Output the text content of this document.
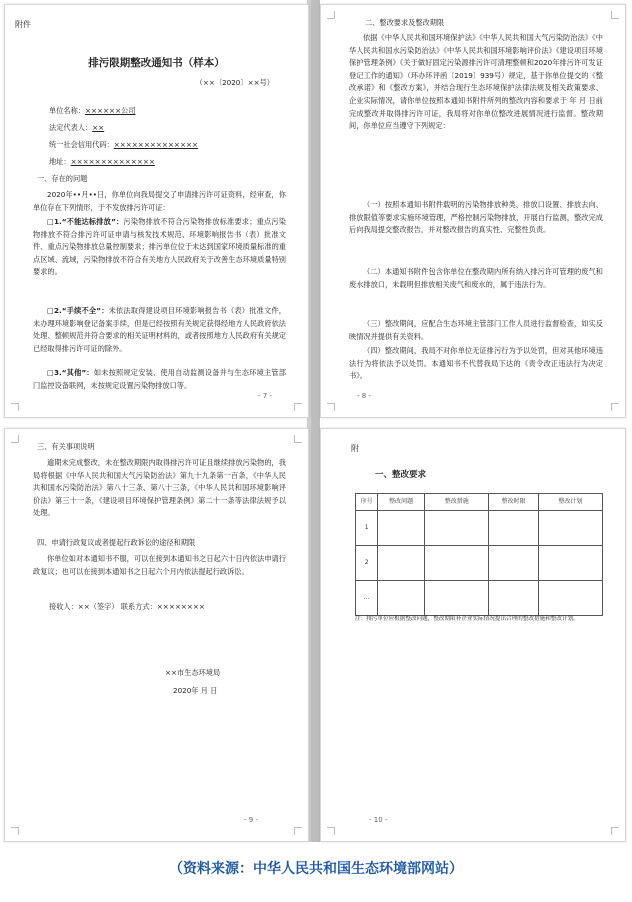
附件
排污限期整改通知书（样本）
（××〔2020〕××号）
单位名称：××××××公司
法定代表人：××
统一社会信用代码：××××××××××××××
地址：××××××××××××××
一、存在的问题
2020年••月••日，你单位向我局提交了申请排污许可证资料，经审查，你单位存在下列情形，于不发放排污许可证：
□1.“不能达标排放”：污染物排放不符合污染物排放标准要求；重点污染物排放不符合排污许可证申请与核发技术规范、环境影响报告书（表）批准文件、重点污染物排放总量控制要求；排污单位位于未达到国家环境质量标准的重点区域、流域，污染物排放不符合有关地方人民政府关于改善生态环境质量特别要求的。
□2.“手续不全”：未依法取得建设项目环境影响报告书（表）批准文件，未办理环境影响登记备案手续，但是已经按照有关规定获得经地方人民政府依法处理、整顿规范并符合要求的相关证明材料的，或者按照地方人民政府有关规定已经取得排污许可证的除外。
□3.“其他”：如未按照规定安装、使用自动监测设备并与生态环境主管部门监控设备联网，未按规定设置污染物排放口等。
- 7 -
二、整改要求及整改期限
依据《中华人民共和国环境保护法》《中华人民共和国大气污染防治法》《中华人民共和国水污染防治法》《中华人民共和国环境影响评价法》《建设项目环境保护管理条例》《关于做好固定污染源排污许可清理整顿和2020年排污许可发证登记工作的通知》（环办环评函〔2019〕939号）规定，基于你单位提交的《整改承诺》和《整改方案》，并结合现行生态环境保护法律法规及相关政策要求、企业实际情况，请你单位按照本通知书附件所列的整改内容和要求于 年 月 日前完成整改并取得排污许可证，我局将对你单位整改进展情况进行监督。整改期间，你单位应当遵守下列规定：
（一）按照本通知书附件载明的污染物排放种类、排放口设置、排放去向、排放限值等要求实施环境管理，严格控制污染物排放，开展自行监测，整改完成后向我局提交整改报告，并对整改报告的真实性、完整性负责。
（二）本通知书附件包含你单位在整改期内所有纳入排污许可管理的废气和废水排放口，未载明但排放相关废气和废水的，属于违法行为。
（三）整改期间，应配合生态环境主管部门工作人员进行监督检查，如实反映情况并提供有关资料。
（四）整改期间，我局不对你单位无证排污行为予以处罚，但对其他环境违法行为将依法予以处罚。本通知书不代替我局下达的《责令改正违法行为决定书》。
- 8 -
三、有关事项说明
逾期未完成整改，未在整改期限内取得排污许可证且继续排放污染物的，我局将根据《中华人民共和国大气污染防治法》第九十九条第一百条，《中华人民共和国水污染防治法》第八十三条、第八十三条，《中华人民共和国环境影响评价法》第三十一条，《建设项目环境保护管理条例》第二十一条等法律法规予以处理。
四、申请行政复议或者提起行政诉讼的途径和期限
你单位如对本通知书不服，可以在接到本通知书之日起六十日内依法申请行政复议；也可以在接到本通知书之日起六个月内依法提起行政诉讼。
接收人：××（签字） 联系方式：××××××××
××市生态环境局
2020年 月 日
- 9 -
附
一、整改要求
序号	整改问题	整改措施	整改时限	整改计划
1				
2				
…				
注：排污单位应根据整改问题，整改期限补企业实际情况提出合理的整改措施和整改计划。
- 10 -
（资料来源：中华人民共和国生态环境部网站）
